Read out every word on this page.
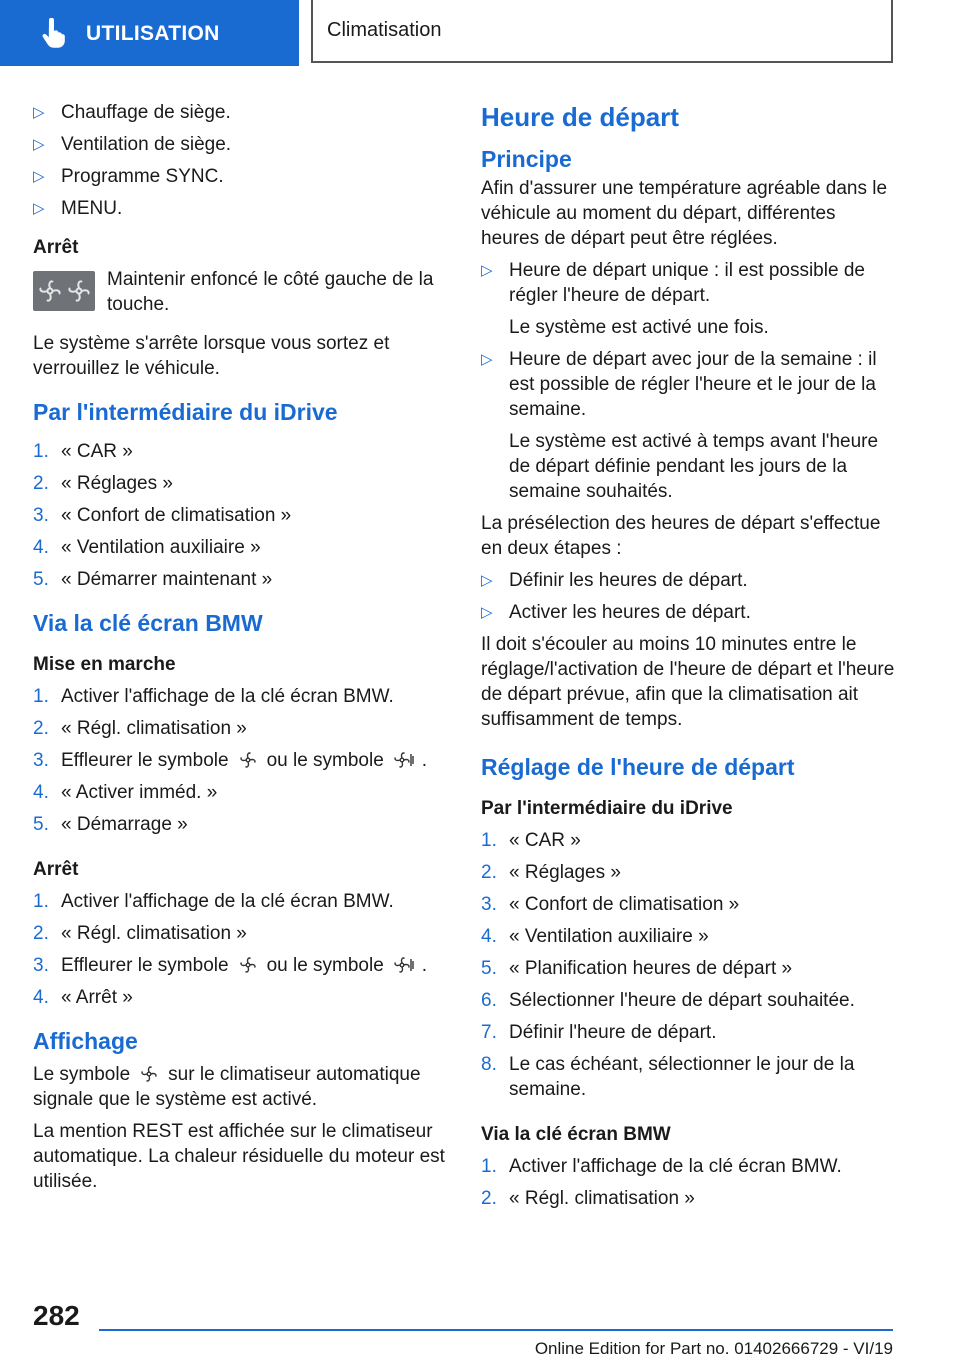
UTILISATION	Climatisation
▷ Chauffage de siège.
▷ Ventilation de siège.
▷ Programme SYNC.
▷ MENU.
Arrêt
Maintenir enfoncé le côté gauche de la touche.

Le système s'arrête lorsque vous sortez et verrouillez le véhicule.

Par l'intermédiaire du iDrive
1. « CAR »
2. « Réglages »
3. « Confort de climatisation »
4. « Ventilation auxiliaire »
5. « Démarrer maintenant »
Via la clé écran BMW
Mise en marche
1. Activer l'affichage de la clé écran BMW.
2. « Régl. climatisation »
3. Effleurer le symbole ou le symbole .
4. « Activer imméd. »
5. « Démarrage »
Arrêt
1. Activer l'affichage de la clé écran BMW.
2. « Régl. climatisation »
3. Effleurer le symbole ou le symbole .
4. « Arrêt »
Affichage

Le symbole sur le climatiseur automatique signale que le système est activé.

La mention REST est affichée sur le climatiseur automatique. La chaleur résiduelle du moteur est utilisée.

Heure de départ
Principe

Afin d'assurer une température agréable dans le véhicule au moment du départ, différentes heures de départ peut être réglées.

▷ Heure de départ unique : il est possible de régler l'heure de départ.
Le système est activé une fois.
▷ Heure de départ avec jour de la semaine : il est possible de régler l'heure et le jour de la semaine.
Le système est activé à temps avant l'heure de départ définie pendant les jours de la semaine souhaités.

La présélection des heures de départ s'effectue en deux étapes :

▷ Définir les heures de départ.
▷ Activer les heures de départ.

Il doit s'écouler au moins 10 minutes entre le réglage/l'activation de l'heure de départ et l'heure de départ prévue, afin que la climatisation ait suffisamment de temps.

Réglage de l'heure de départ
Par l'intermédiaire du iDrive
1. « CAR »
2. « Réglages »
3. « Confort de climatisation »
4. « Ventilation auxiliaire »
5. « Planification heures de départ »
6. Sélectionner l'heure de départ souhaitée.
7. Définir l'heure de départ.
8. Le cas échéant, sélectionner le jour de la semaine.
Via la clé écran BMW
1. Activer l'affichage de la clé écran BMW.
2. « Régl. climatisation »
282
Online Edition for Part no. 01402666729 - VI/19
